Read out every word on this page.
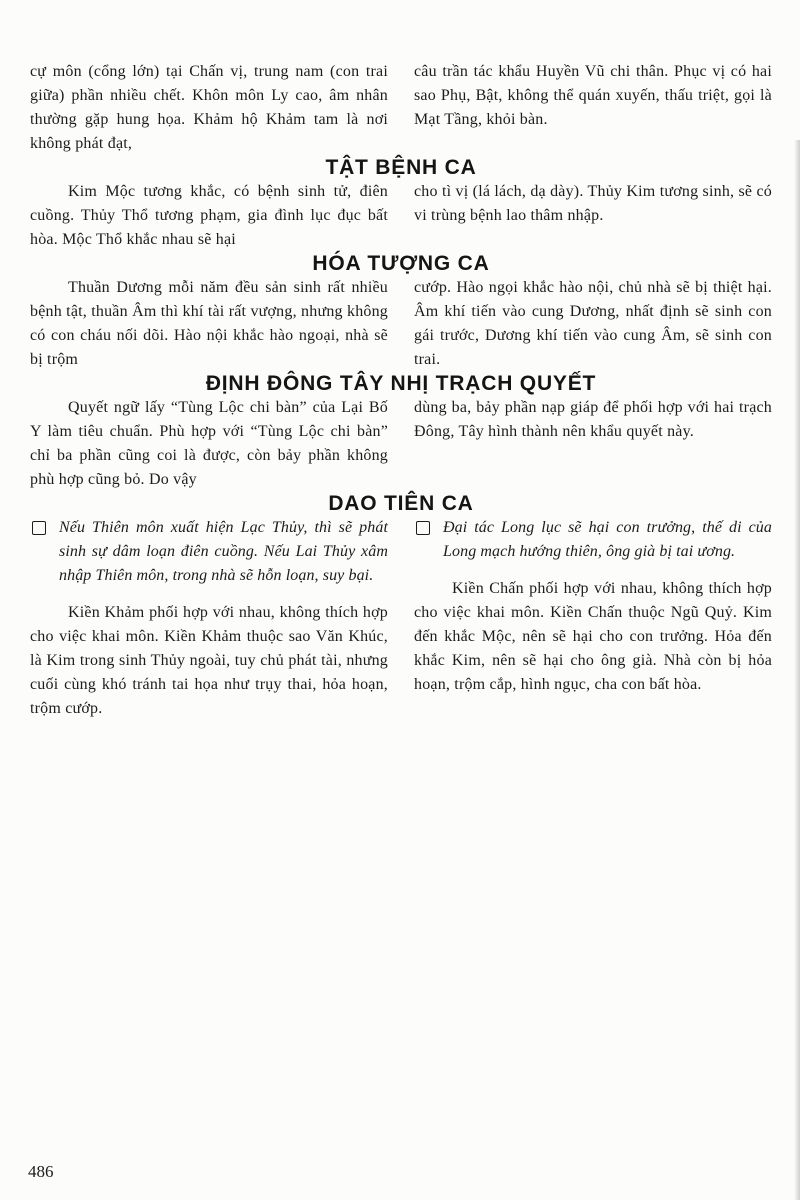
cự môn (cổng lớn) tại Chấn vị, trung nam (con trai giữa) phần nhiều chết. Khôn môn Ly cao, âm nhân thường gặp hung họa. Khảm hộ Khảm tam là nơi không phát đạt,

câu trần tác khẩu Huyền Vũ chi thân. Phục vị có hai sao Phụ, Bật, không thể quán xuyến, thấu triệt, gọi là Mạt Tầng, khỏi bàn.

TẬT BỆNH CA

Kim Mộc tương khắc, có bệnh sinh tử, điên cuồng. Thủy Thổ tương phạm, gia đình lục đục bất hòa. Mộc Thổ khắc nhau sẽ hại

cho tì vị (lá lách, dạ dày). Thủy Kim tương sinh, sẽ có vi trùng bệnh lao thâm nhập.

HÓA TƯỢNG CA

Thuần Dương mỗi năm đều sản sinh rất nhiều bệnh tật, thuần Âm thì khí tài rất vượng, nhưng không có con cháu nối dõi. Hào nội khắc hào ngoại, nhà sẽ bị trộm

cướp. Hào ngọi khắc hào nội, chủ nhà sẽ bị thiệt hại. Âm khí tiến vào cung Dương, nhất định sẽ sinh con gái trước, Dương khí tiến vào cung Âm, sẽ sinh con trai.

ĐỊNH ĐÔNG TÂY NHỊ TRẠCH QUYẾT

Quyết ngữ lấy “Tùng Lộc chi bàn” của Lại Bố Y làm tiêu chuẩn. Phù hợp với “Tùng Lộc chi bàn” chỉ ba phần cũng coi là được, còn bảy phần không phù hợp cũng bỏ. Do vậy

dùng ba, bảy phần nạp giáp để phối hợp với hai trạch Đông, Tây hình thành nên khẩu quyết này.

DAO TIÊN CA

Nếu Thiên môn xuất hiện Lạc Thủy, thì sẽ phát sinh sự dâm loạn điên cuồng. Nếu Lai Thủy xâm nhập Thiên môn, trong nhà sẽ hỗn loạn, suy bại.

Kiền Khảm phối hợp với nhau, không thích hợp cho việc khai môn. Kiền Khảm thuộc sao Văn Khúc, là Kim trong sinh Thủy ngoài, tuy chủ phát tài, nhưng cuối cùng khó tránh tai họa như trụy thai, hỏa hoạn, trộm cướp.

Đại tác Long lục sẽ hại con trưởng, thế di của Long mạch hướng thiên, ông già bị tai ương.

Kiền Chấn phối hợp với nhau, không thích hợp cho việc khai môn. Kiền Chấn thuộc Ngũ Quỷ. Kim đến khắc Mộc, nên sẽ hại cho con trưởng. Hỏa đến khắc Kim, nên sẽ hại cho ông già. Nhà còn bị hỏa hoạn, trộm cắp, hình ngục, cha con bất hòa.

486
